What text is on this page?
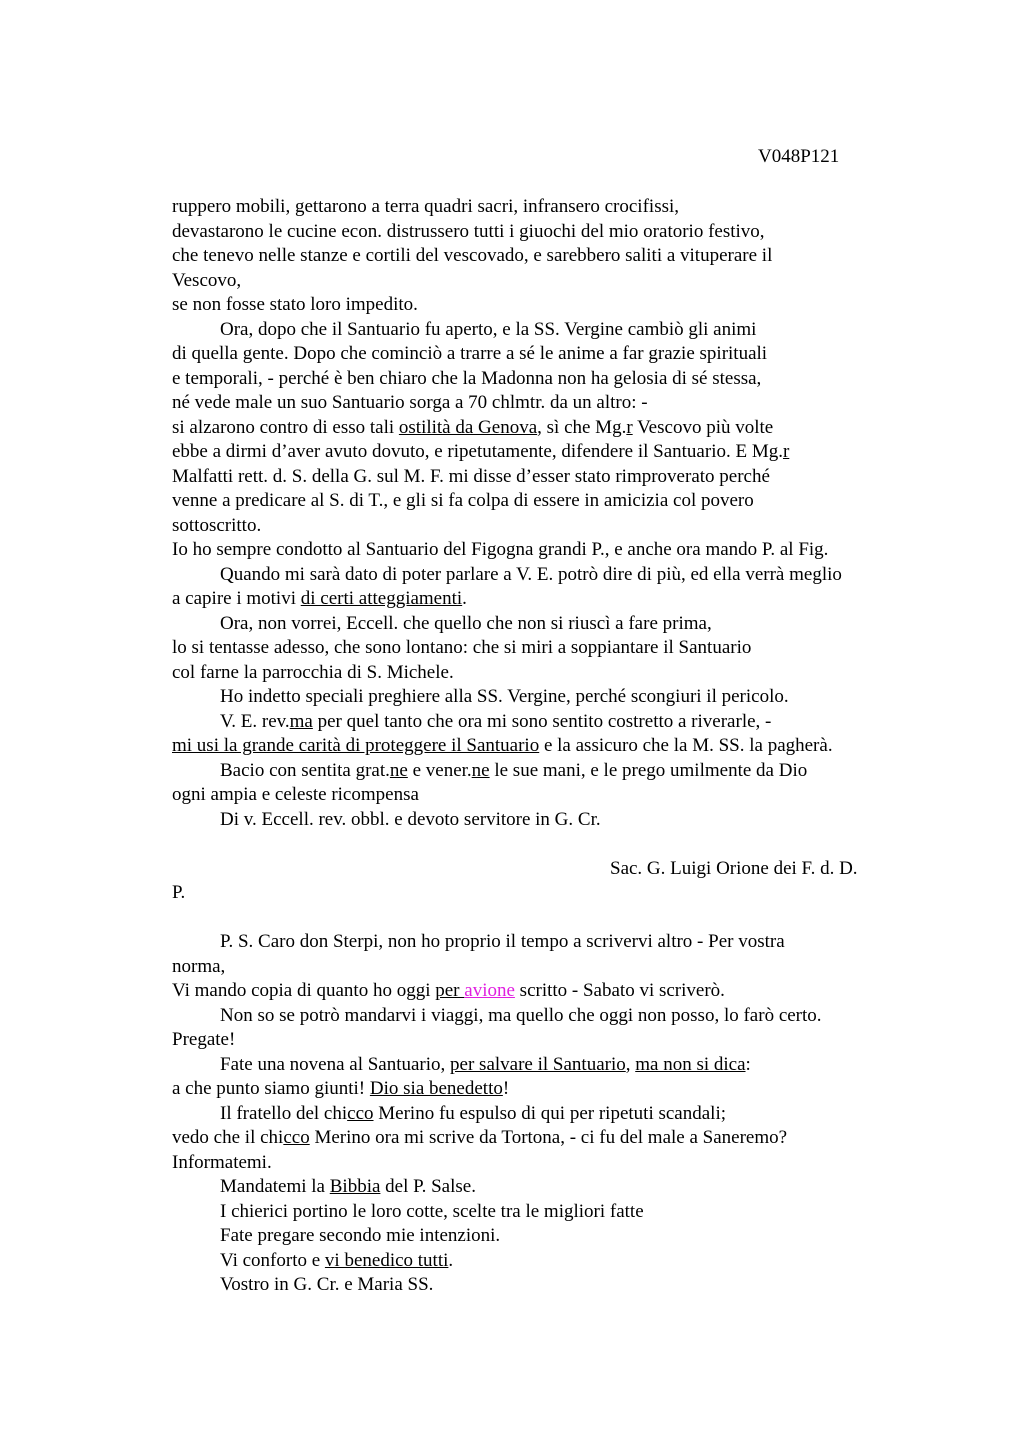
V048P121
ruppero mobili, gettarono a terra quadri sacri, infransero crocifissi,
devastarono le cucine econ. distrussero tutti i giuochi del mio oratorio festivo,
che tenevo nelle stanze e cortili del vescovado, e sarebbero saliti a vituperare il
Vescovo,
se non fosse stato loro impedito.
Ora, dopo che il Santuario fu aperto, e la SS. Vergine cambiò gli animi
di quella gente. Dopo che cominciò a trarre a sé le anime a far grazie spirituali
e temporali, - perché è ben chiaro che la Madonna non ha gelosia di sé stessa,
né vede male un suo Santuario sorga a 70 chlmtr. da un altro: -
si alzarono contro di esso tali ostilità da Genova, sì che Mg.r Vescovo più volte
ebbe a dirmi d’aver avuto dovuto, e ripetutamente, difendere il Santuario. E Mg.r
Malfatti rett. d. S. della G. sul M. F. mi disse d’esser stato rimproverato perché
venne a predicare al S. di T., e gli si fa colpa di essere in amicizia col povero
sottoscritto.
Io ho sempre condotto al Santuario del Figogna grandi P., e anche ora mando P. al Fig.
Quando mi sarà dato di poter parlare a V. E. potrò dire di più, ed ella verrà meglio
a capire i motivi di certi atteggiamenti.
Ora, non vorrei, Eccell. che quello che non si riuscì a fare prima,
lo si tentasse adesso, che sono lontano: che si miri a soppiantare il Santuario
col farne la parrocchia di S. Michele.
Ho indetto speciali preghiere alla SS. Vergine, perché scongiuri il pericolo.
V. E. rev.ma per quel tanto che ora mi sono sentito costretto a riverarle, -
mi usi la grande carità di proteggere il Santuario e la assicuro che la M. SS. la pagherà.
Bacio con sentita grat.ne e vener.ne le sue mani, e le prego umilmente da Dio
ogni ampia e celeste ricompensa
Di v. Eccell. rev. obbl. e devoto servitore in G. Cr.
Sac. G. Luigi Orione dei F. d. D.
P.
P. S. Caro don Sterpi, non ho proprio il tempo a scrivervi altro - Per vostra
norma,
Vi mando copia di quanto ho oggi per avione scritto - Sabato vi scriverò.
Non so se potrò mandarvi i viaggi, ma quello che oggi non posso, lo farò certo.
Pregate!
Fate una novena al Santuario, per salvare il Santuario, ma non si dica:
a che punto siamo giunti! Dio sia benedetto!
Il fratello del chicco Merino fu espulso di qui per ripetuti scandali;
vedo che il chicco Merino ora mi scrive da Tortona, - ci fu del male a Saneremo?
Informatemi.
Mandatemi la Bibbia del P. Salse.
I chierici portino le loro cotte, scelte tra le migliori fatte
Fate pregare secondo mie intenzioni.
Vi conforto e vi benedico tutti.
Vostro in G. Cr. e Maria SS.
